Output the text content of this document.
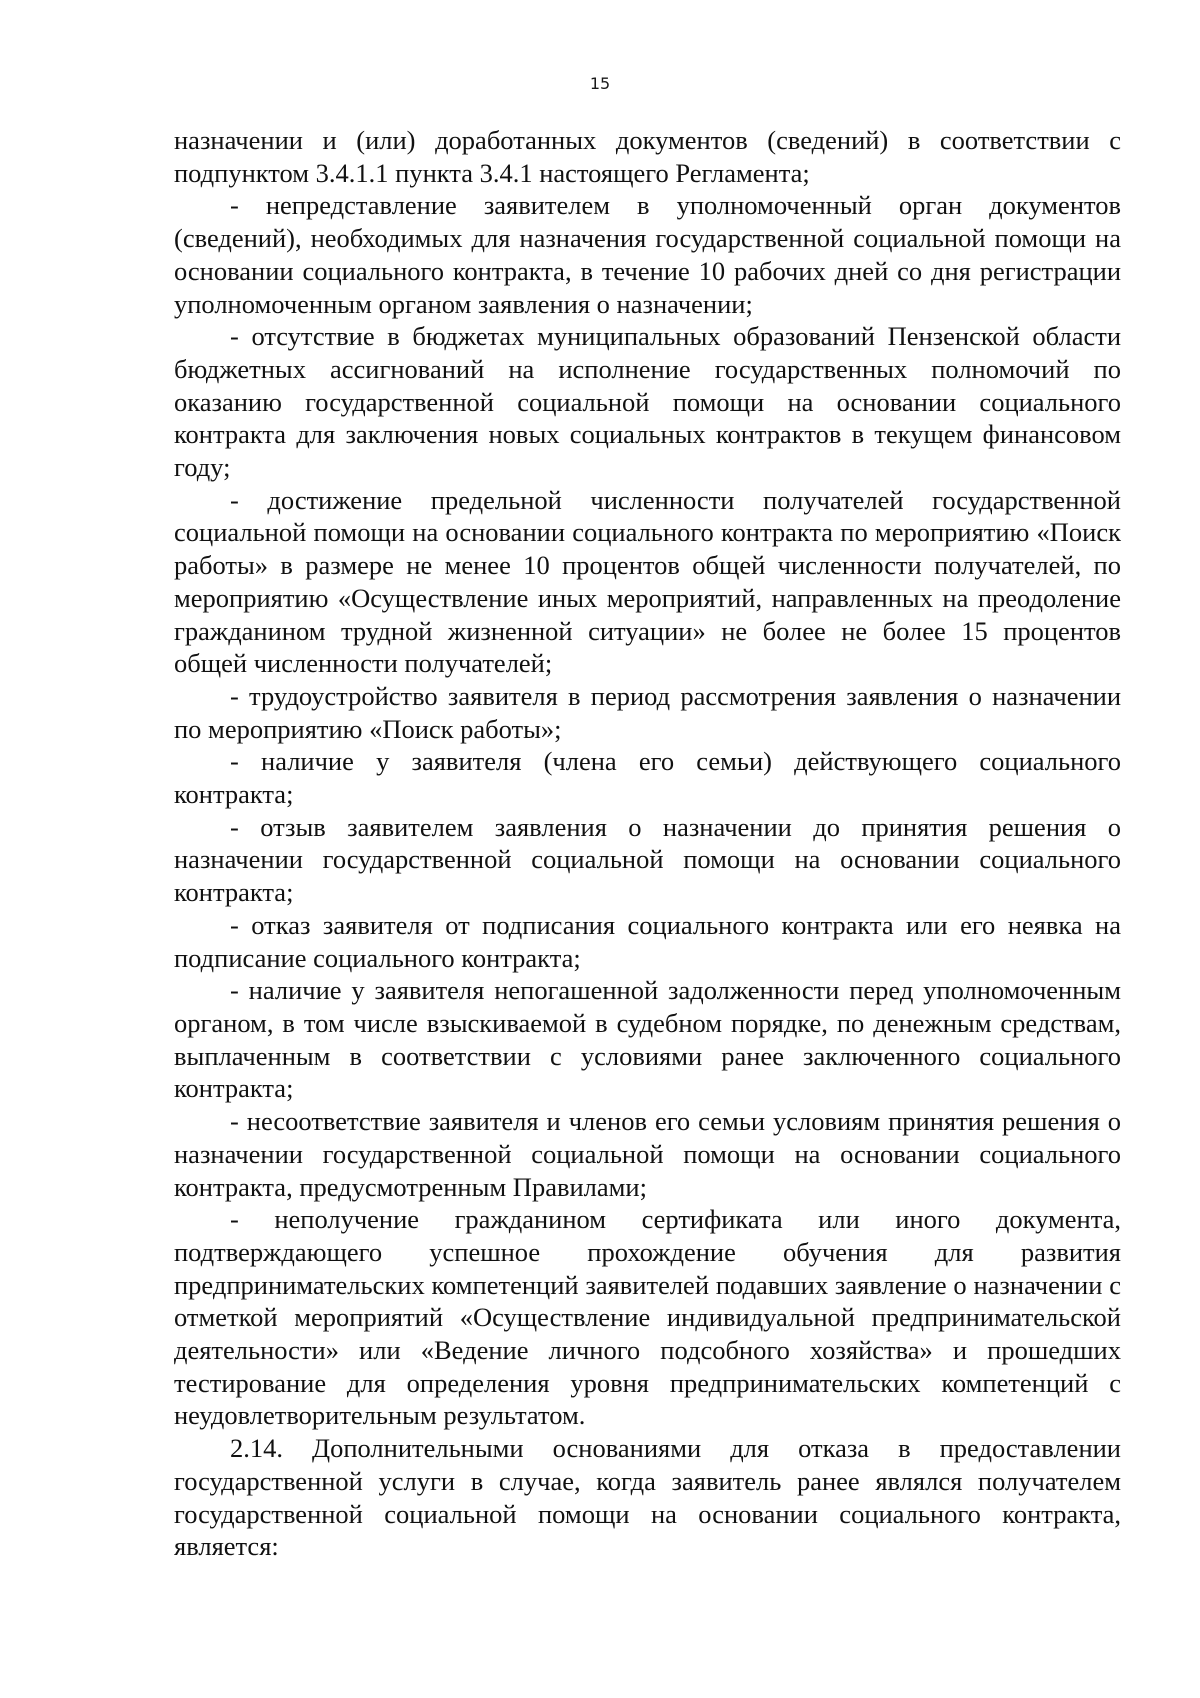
15

назначении и (или) доработанных документов (сведений) в соответствии с подпунктом 3.4.1.1 пункта 3.4.1 настоящего Регламента;

- непредставление заявителем в уполномоченный орган документов (сведений), необходимых для назначения государственной социальной помощи на основании социального контракта, в течение 10 рабочих дней со дня регистрации уполномоченным органом заявления о назначении;

- отсутствие в бюджетах муниципальных образований Пензенской области бюджетных ассигнований на исполнение государственных полномочий по оказанию государственной социальной помощи на основании социального контракта для заключения новых социальных контрактов в текущем финансовом году;

- достижение предельной численности получателей государственной социальной помощи на основании социального контракта по мероприятию «Поиск работы» в размере не менее 10 процентов общей численности получателей, по мероприятию «Осуществление иных мероприятий, направленных на преодоление гражданином трудной жизненной ситуации» не более не более 15 процентов общей численности получателей;

- трудоустройство заявителя в период рассмотрения заявления о назначении по мероприятию «Поиск работы»;

- наличие у заявителя (члена его семьи) действующего социального контракта;

- отзыв заявителем заявления о назначении до принятия решения о назначении государственной социальной помощи на основании социального контракта;

- отказ заявителя от подписания социального контракта или его неявка на подписание социального контракта;

- наличие у заявителя непогашенной задолженности перед уполномоченным органом, в том числе взыскиваемой в судебном порядке, по денежным средствам, выплаченным в соответствии с условиями ранее заключенного социального контракта;

- несоответствие заявителя и членов его семьи условиям принятия решения о назначении государственной социальной помощи на основании социального контракта, предусмотренным Правилами;

- неполучение гражданином сертификата или иного документа, подтверждающего успешное прохождение обучения для развития предпринимательских компетенций заявителей подавших заявление о назначении с отметкой мероприятий «Осуществление индивидуальной предпринимательской деятельности» или «Ведение личного подсобного хозяйства» и прошедших тестирование для определения уровня предпринимательских компетенций с неудовлетворительным результатом.

2.14. Дополнительными основаниями для отказа в предоставлении государственной услуги в случае, когда заявитель ранее являлся получателем государственной социальной помощи на основании социального контракта, является:
